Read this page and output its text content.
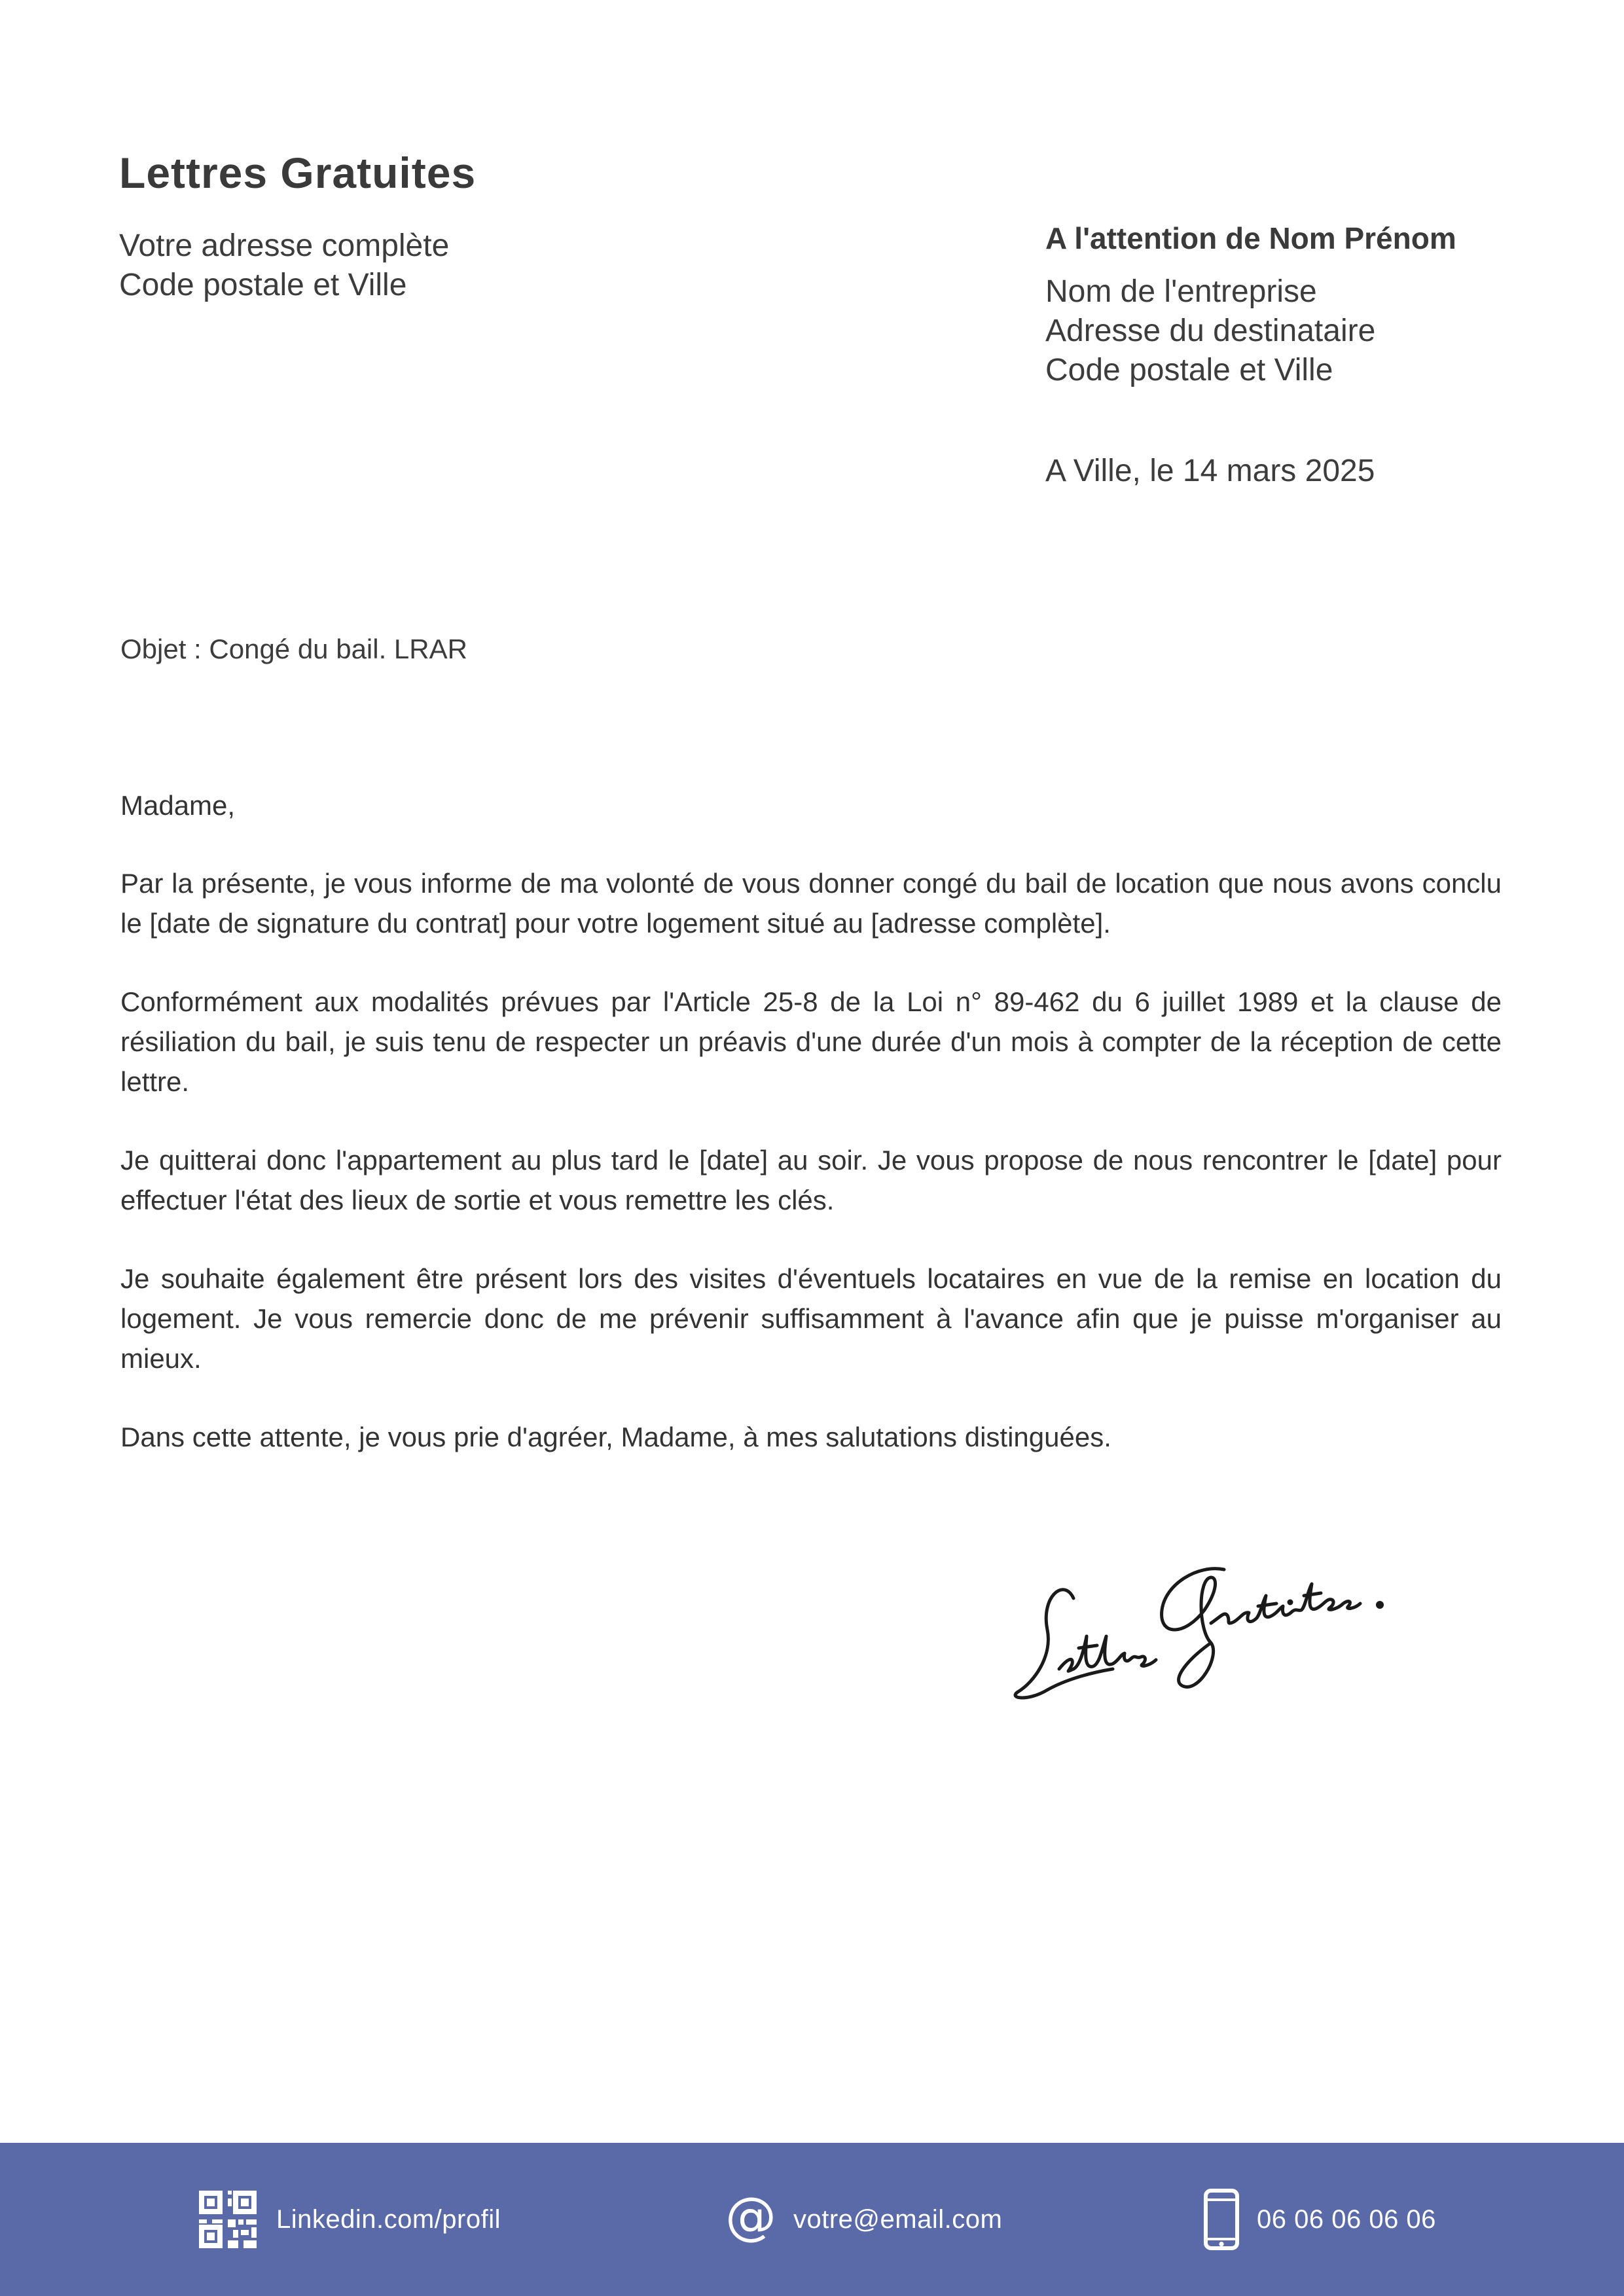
Lettres Gratuites
Votre adresse complète
Code postale et Ville
A l'attention de Nom Prénom
Nom de l'entreprise
Adresse du destinataire
Code postale et Ville
A Ville, le 14 mars 2025
Objet : Congé du bail. LRAR

Madame,

Par la présente, je vous informe de ma volonté de vous donner congé du bail de location que nous avons conclu le [date de signature du contrat] pour votre logement situé au [adresse complète].

Conformément aux modalités prévues par l'Article 25-8 de la Loi n° 89-462 du 6 juillet 1989 et la clause de résiliation du bail, je suis tenu de respecter un préavis d'une durée d'un mois à compter de la réception de cette lettre.

Je quitterai donc l'appartement au plus tard le [date] au soir. Je vous propose de nous rencontrer le [date] pour effectuer l'état des lieux de sortie et vous remettre les clés.

Je souhaite également être présent lors des visites d'éventuels locataires en vue de la remise en location du logement. Je vous remercie donc de me prévenir suffisamment à l'avance afin que je puisse m'organiser au mieux.

Dans cette attente, je vous prie d'agréer, Madame, à mes salutations distinguées.

Linkedin.com/profil	@ votre@email.com	06 06 06 06 06
